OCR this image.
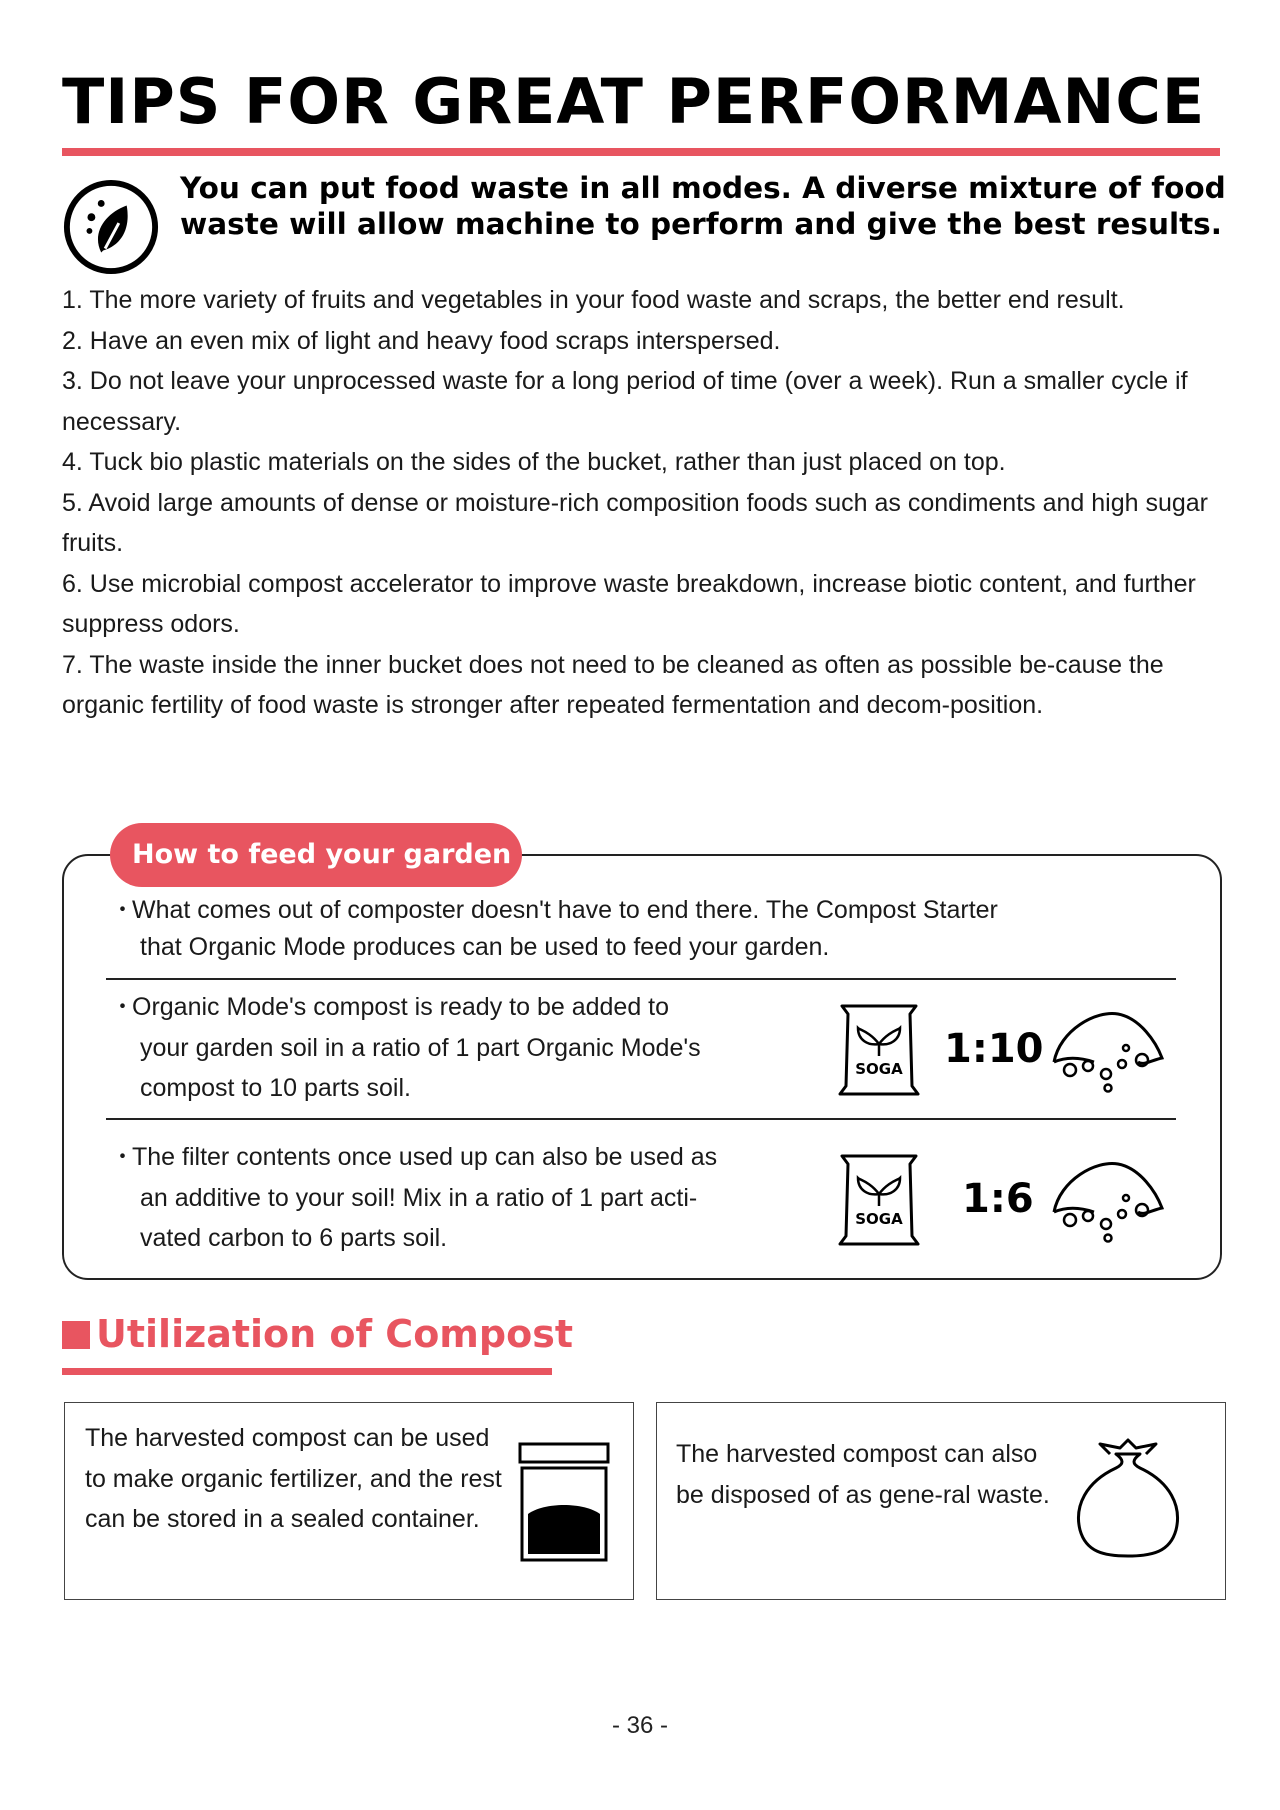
TIPS FOR GREAT PERFORMANCE
You can put food waste in all modes. A diverse mixture of food waste will allow machine to perform and give the best results.
1. The more variety of fruits and vegetables in your food waste and scraps, the better end result.
2. Have an even mix of light and heavy food scraps interspersed.
3. Do not leave your unprocessed waste for a long period of time (over a week). Run a smaller cycle if necessary.
4. Tuck bio plastic materials on the sides of the bucket, rather than just placed on top.
5. Avoid large amounts of dense or moisture-rich composition foods such as condiments and high sugar fruits.
6. Use microbial compost accelerator to improve waste breakdown, increase biotic content, and further suppress odors.
7. The waste inside the inner bucket does not need to be cleaned as often as possible be-cause the organic fertility of food waste is stronger after repeated fermentation and decom-position.
How to feed your garden
・What comes out of composter doesn't have to end there. The Compost Starter
that Organic Mode produces can be used to feed your garden.
・Organic Mode's compost is ready to be added to
your garden soil in a ratio of 1 part Organic Mode's
compost to 10 parts soil.
SOGA 1:10
・The filter contents once used up can also be used as
an additive to your soil! Mix in a ratio of 1 part acti-
vated carbon to 6 parts soil.
SOGA 1:6
Utilization of Compost
The harvested compost can be used to make organic fertilizer, and the rest can be stored in a sealed container.
The harvested compost can also be disposed of as gene-ral waste.
- 36 -
